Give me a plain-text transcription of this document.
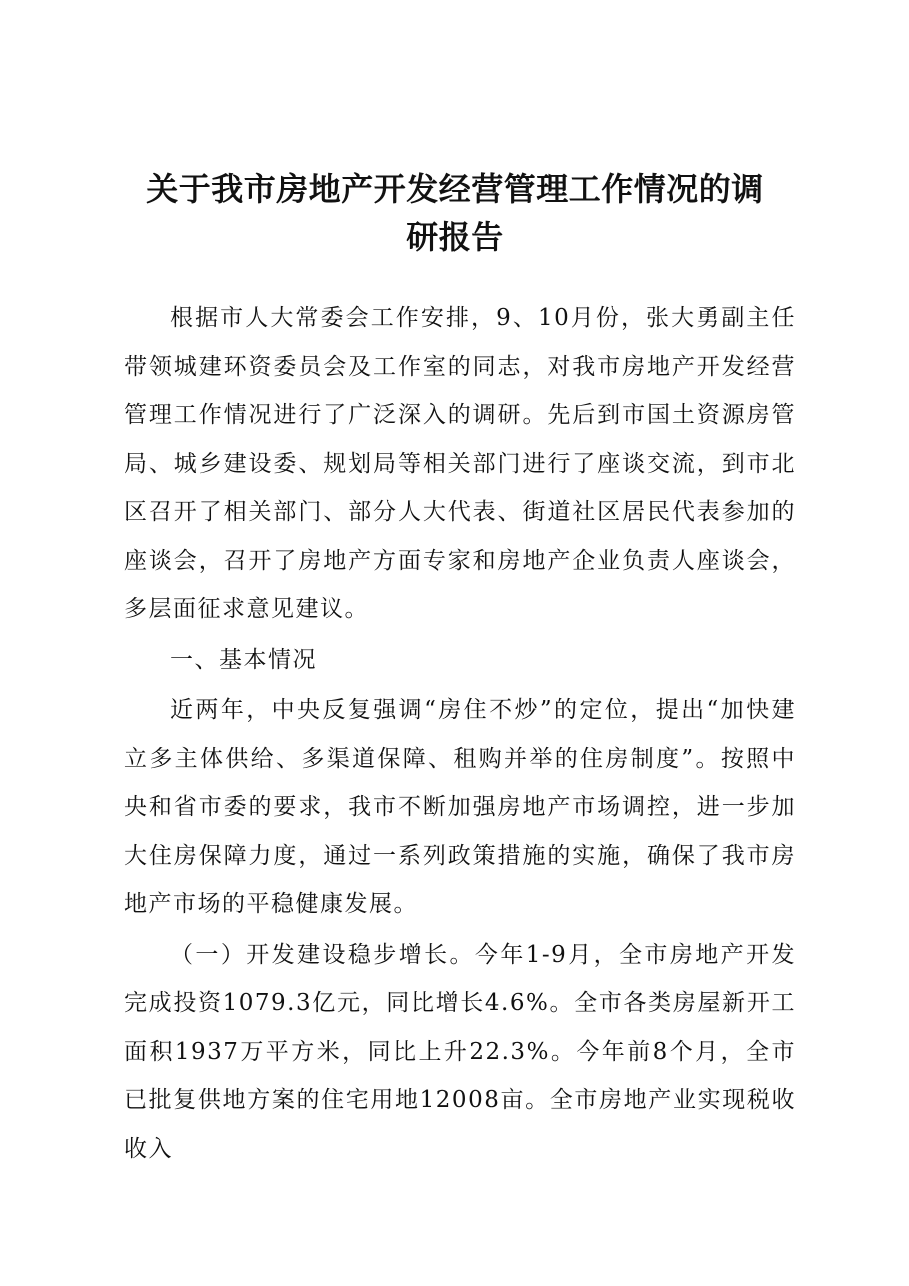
关于我市房地产开发经营管理工作情况的调
研报告

根据市人大常委会工作安排，9、10月份，张大勇副主任带领城建环资委员会及工作室的同志，对我市房地产开发经营管理工作情况进行了广泛深入的调研。先后到市国土资源房管局、城乡建设委、规划局等相关部门进行了座谈交流，到市北区召开了相关部门、部分人大代表、街道社区居民代表参加的座谈会，召开了房地产方面专家和房地产企业负责人座谈会，多层面征求意见建议。

一、基本情况

近两年，中央反复强调“房住不炒”的定位，提出“加快建立多主体供给、多渠道保障、租购并举的住房制度”。按照中央和省市委的要求，我市不断加强房地产市场调控，进一步加大住房保障力度，通过一系列政策措施的实施，确保了我市房地产市场的平稳健康发展。

（一）开发建设稳步增长。今年1-9月，全市房地产开发完成投资1079.3亿元，同比增长4.6%。全市各类房屋新开工面积1937万平方米，同比上升22.3%。今年前8个月，全市已批复供地方案的住宅用地12008亩。全市房地产业实现税收收入
